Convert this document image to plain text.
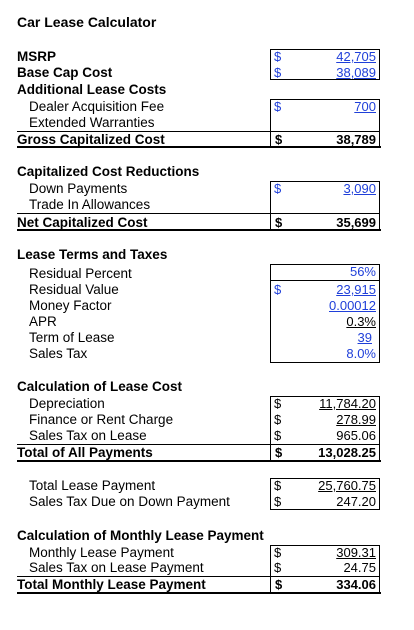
Car Lease Calculator
MSRP	$	42,705
Base Cap Cost	$	38,089
Additional Lease Costs
Dealer Acquisition Fee	$	700
Extended Warranties
Gross Capitalized Cost	$	38,789
Capitalized Cost Reductions
Down Payments	$	3,090
Trade In Allowances
Net Capitalized Cost	$	35,699
Lease Terms and Taxes
Residual Percent	56%
Residual Value	$	23,915
Money Factor	0.00012
APR	0.3%
Term of Lease	39
Sales Tax	8.0%
Calculation of Lease Cost
Depreciation	$	11,784.20
Finance or Rent Charge	$	278.99
Sales Tax on Lease	$	965.06
Total of All Payments	$	13,028.25
Total Lease Payment	$	25,760.75
Sales Tax Due on Down Payment	$	247.20
Calculation of Monthly Lease Payment
Monthly Lease Payment	$	309.31
Sales Tax on Lease Payment	$	24.75
Total Monthly Lease Payment	$	334.06
